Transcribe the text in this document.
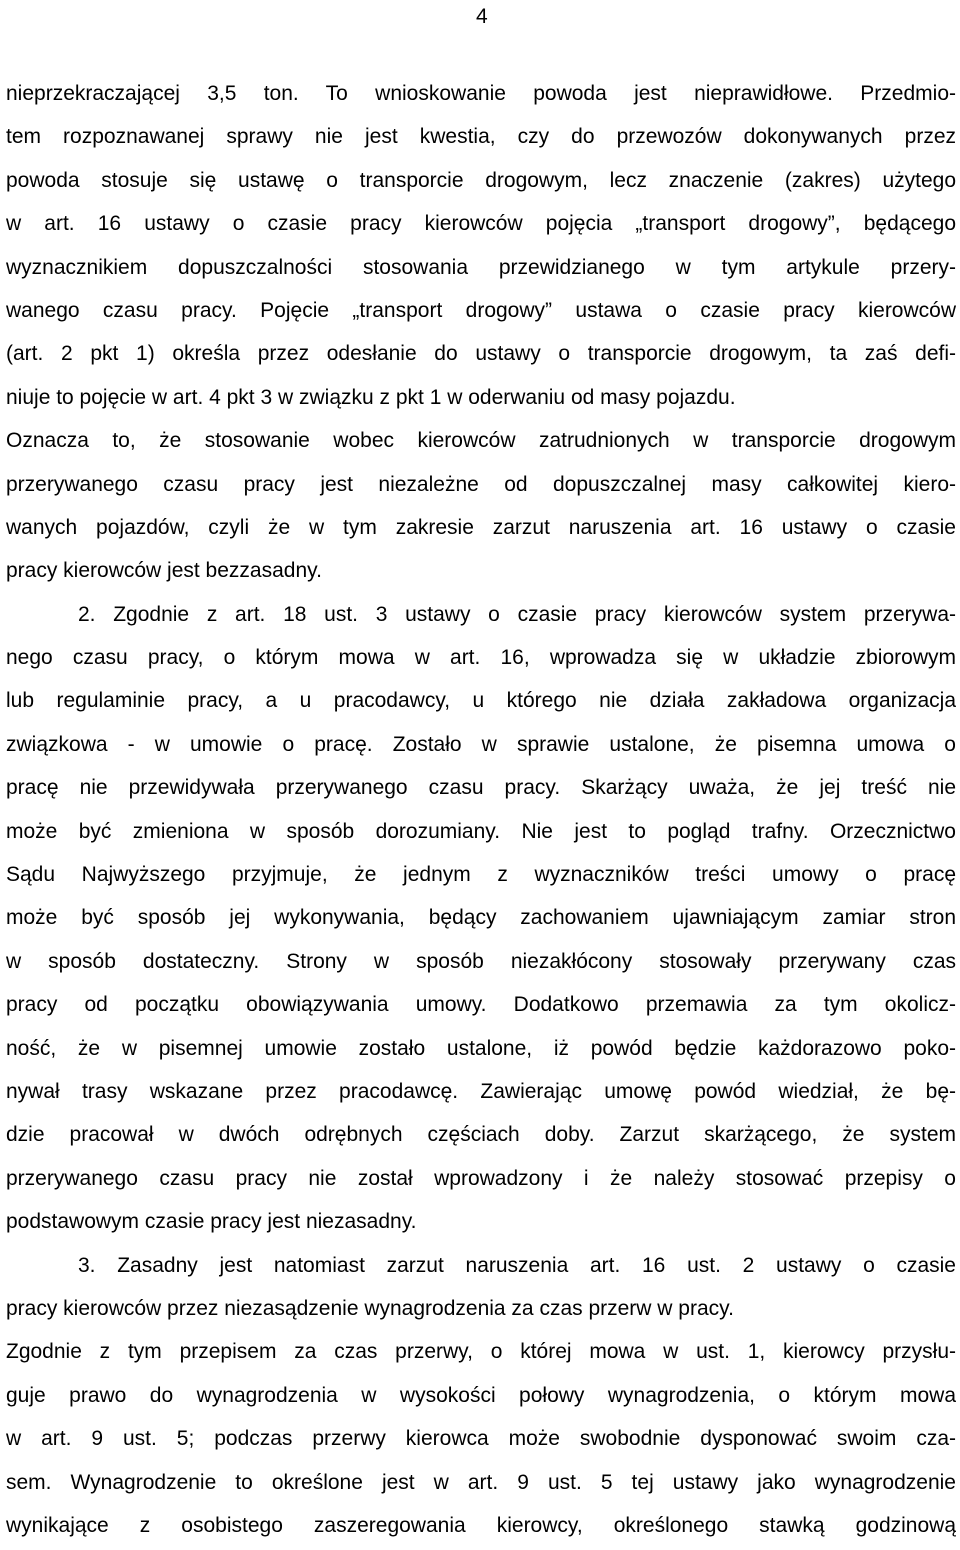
4
nieprzekraczającej 3,5 ton. To wnioskowanie powoda jest nieprawidłowe. Przedmio-
tem rozpoznawanej sprawy nie jest kwestia, czy do przewozów dokonywanych przez
powoda stosuje się ustawę o transporcie drogowym, lecz znaczenie (zakres) użytego
w art. 16 ustawy o czasie pracy kierowców pojęcia „transport drogowy”, będącego
wyznacznikiem dopuszczalności stosowania przewidzianego w tym artykule przery-
wanego czasu pracy. Pojęcie „transport drogowy” ustawa o czasie pracy kierowców
(art. 2 pkt 1) określa przez odesłanie do ustawy o transporcie drogowym, ta zaś defi-
niuje to pojęcie w art. 4 pkt 3 w związku z pkt 1 w oderwaniu od masy pojazdu.
Oznacza to, że stosowanie wobec kierowców zatrudnionych w transporcie drogowym
przerywanego czasu pracy jest niezależne od dopuszczalnej masy całkowitej kiero-
wanych pojazdów, czyli że w tym zakresie zarzut naruszenia art. 16 ustawy o czasie
pracy kierowców jest bezzasadny.
2. Zgodnie z art. 18 ust. 3 ustawy o czasie pracy kierowców system przerywa-
nego czasu pracy, o którym mowa w art. 16, wprowadza się w układzie zbiorowym
lub regulaminie pracy, a u pracodawcy, u którego nie działa zakładowa organizacja
związkowa - w umowie o pracę. Zostało w sprawie ustalone, że pisemna umowa o
pracę nie przewidywała przerywanego czasu pracy. Skarżący uważa, że jej treść nie
może być zmieniona w sposób dorozumiany. Nie jest to pogląd trafny. Orzecznictwo
Sądu Najwyższego przyjmuje, że jednym z wyznaczników treści umowy o pracę
może być sposób jej wykonywania, będący zachowaniem ujawniającym zamiar stron
w sposób dostateczny. Strony w sposób niezakłócony stosowały przerywany czas
pracy od początku obowiązywania umowy. Dodatkowo przemawia za tym okolicz-
ność, że w pisemnej umowie zostało ustalone, iż powód będzie każdorazowo poko-
nywał trasy wskazane przez pracodawcę. Zawierając umowę powód wiedział, że bę-
dzie pracował w dwóch odrębnych częściach doby. Zarzut skarżącego, że system
przerywanego czasu pracy nie został wprowadzony i że należy stosować przepisy o
podstawowym czasie pracy jest niezasadny.
3. Zasadny jest natomiast zarzut naruszenia art. 16 ust. 2 ustawy o czasie
pracy kierowców przez niezasądzenie wynagrodzenia za czas przerw w pracy.
Zgodnie z tym przepisem za czas przerwy, o której mowa w ust. 1, kierowcy przysłu-
guje prawo do wynagrodzenia w wysokości połowy wynagrodzenia, o którym mowa
w art. 9 ust. 5; podczas przerwy kierowca może swobodnie dysponować swoim cza-
sem. Wynagrodzenie to określone jest w art. 9 ust. 5 tej ustawy jako wynagrodzenie
wynikające z osobistego zaszeregowania kierowcy, określonego stawką godzinową
